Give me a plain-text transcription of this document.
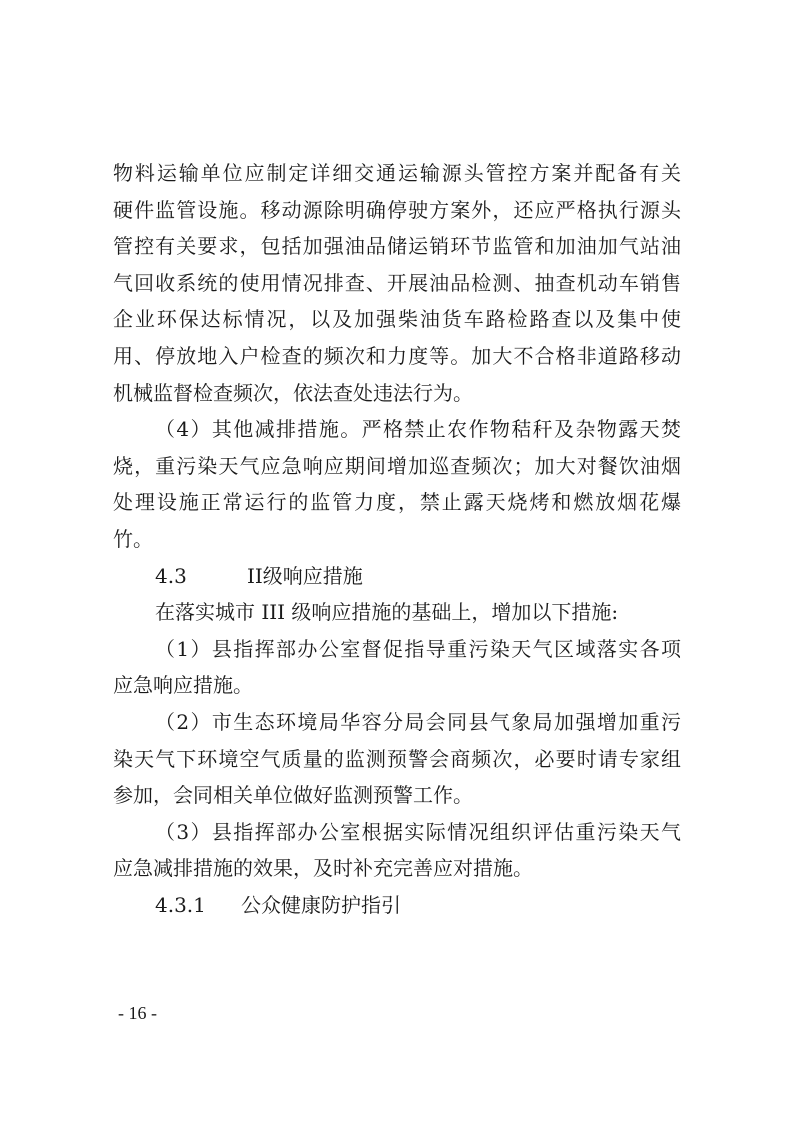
物料运输单位应制定详细交通运输源头管控方案并配备有关
硬件监管设施。移动源除明确停驶方案外，还应严格执行源头
管控有关要求，包括加强油品储运销环节监管和加油加气站油
气回收系统的使用情况排查、开展油品检测、抽查机动车销售
企业环保达标情况，以及加强柴油货车路检路查以及集中使
用、停放地入户检查的频次和力度等。加大不合格非道路移动
机械监督检查频次，依法查处违法行为。
（4）其他减排措施。严格禁止农作物秸秆及杂物露天焚
烧，重污染天气应急响应期间增加巡查频次；加大对餐饮油烟
处理设施正常运行的监管力度，禁止露天烧烤和燃放烟花爆
竹。
4.3	II级响应措施
在落实城市 III 级响应措施的基础上，增加以下措施:
（1）县指挥部办公室督促指导重污染天气区域落实各项
应急响应措施。
（2）市生态环境局华容分局会同县气象局加强增加重污
染天气下环境空气质量的监测预警会商频次，必要时请专家组
参加，会同相关单位做好监测预警工作。
（3）县指挥部办公室根据实际情况组织评估重污染天气
应急减排措施的效果，及时补充完善应对措施。
4.3.1 公众健康防护指引
- 16 -
